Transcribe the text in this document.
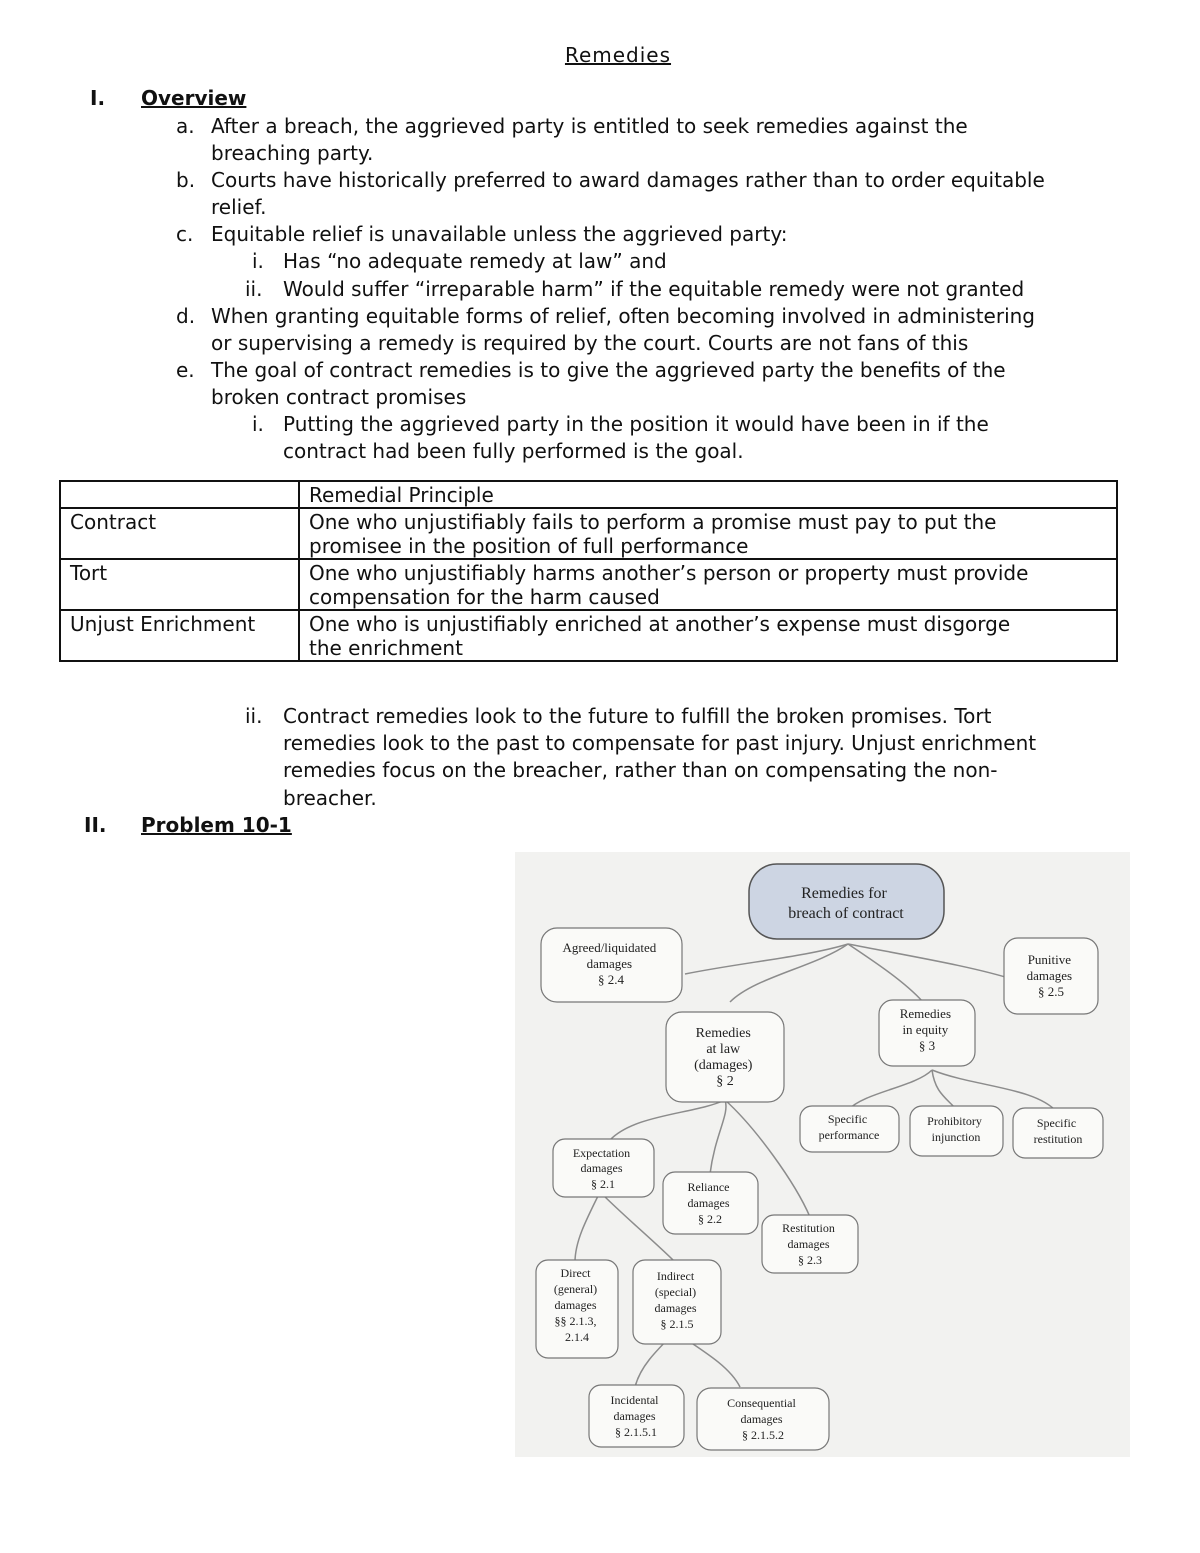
Remedies
I. Overview
a. After a breach, the aggrieved party is entitled to seek remedies against the
breaching party.
b. Courts have historically preferred to award damages rather than to order equitable
relief.
c. Equitable relief is unavailable unless the aggrieved party:
i. Has “no adequate remedy at law” and
ii. Would suffer “irreparable harm” if the equitable remedy were not granted
d. When granting equitable forms of relief, often becoming involved in administering
or supervising a remedy is required by the court. Courts are not fans of this
e. The goal of contract remedies is to give the aggrieved party the benefits of the
broken contract promises
i. Putting the aggrieved party in the position it would have been in if the
contract had been fully performed is the goal.
	Remedial Principle
Contract	One who unjustifiably fails to perform a promise must pay to put the
promisee in the position of full performance

Tort	One who unjustifiably harms another’s person or property must provide
compensation for the harm caused

Unjust Enrichment	One who is unjustifiably enriched at another’s expense must disgorge
the enrichment
ii. Contract remedies look to the future to fulfill the broken promises. Tort
remedies look to the past to compensate for past injury. Unjust enrichment
remedies focus on the breacher, rather than on compensating the non-
breacher.
II. Problem 10-1
Remedies for breach of contract
Agreed/liquidated damages § 2.4
Punitive damages § 2.5
Remedies in equity § 3
Remedies at law (damages) § 2
Specific performance
Prohibitory injunction
Specific restitution
Expectation damages § 2.1	Reliance damages § 2.2
Restitution damages § 2.3
Direct (general) damages §§ 2.1.3, 2.1.4
Indirect (special) damages § 2.1.5
Incidental damages § 2.1.5.1
Consequential damages § 2.1.5.2
